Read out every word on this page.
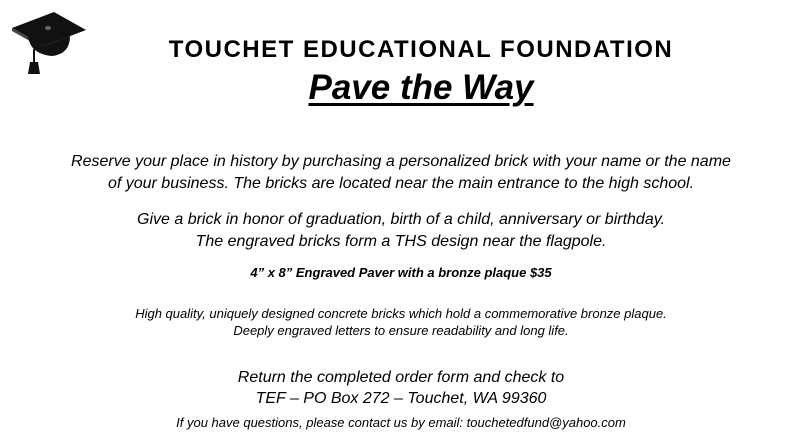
TOUCHET EDUCATIONAL FOUNDATION
Pave the Way
Reserve your place in history by purchasing a personalized brick with your name or the name
of your business. The bricks are located near the main entrance to the high school.
Give a brick in honor of graduation, birth of a child, anniversary or birthday.
The engraved bricks form a THS design near the flagpole.
4” x 8” Engraved Paver with a bronze plaque $35
High quality, uniquely designed concrete bricks which hold a commemorative bronze plaque.
Deeply engraved letters to ensure readability and long life.
Return the completed order form and check to
TEF – PO Box 272 – Touchet, WA 99360
If you have questions, please contact us by email: touchetedfund@yahoo.com
